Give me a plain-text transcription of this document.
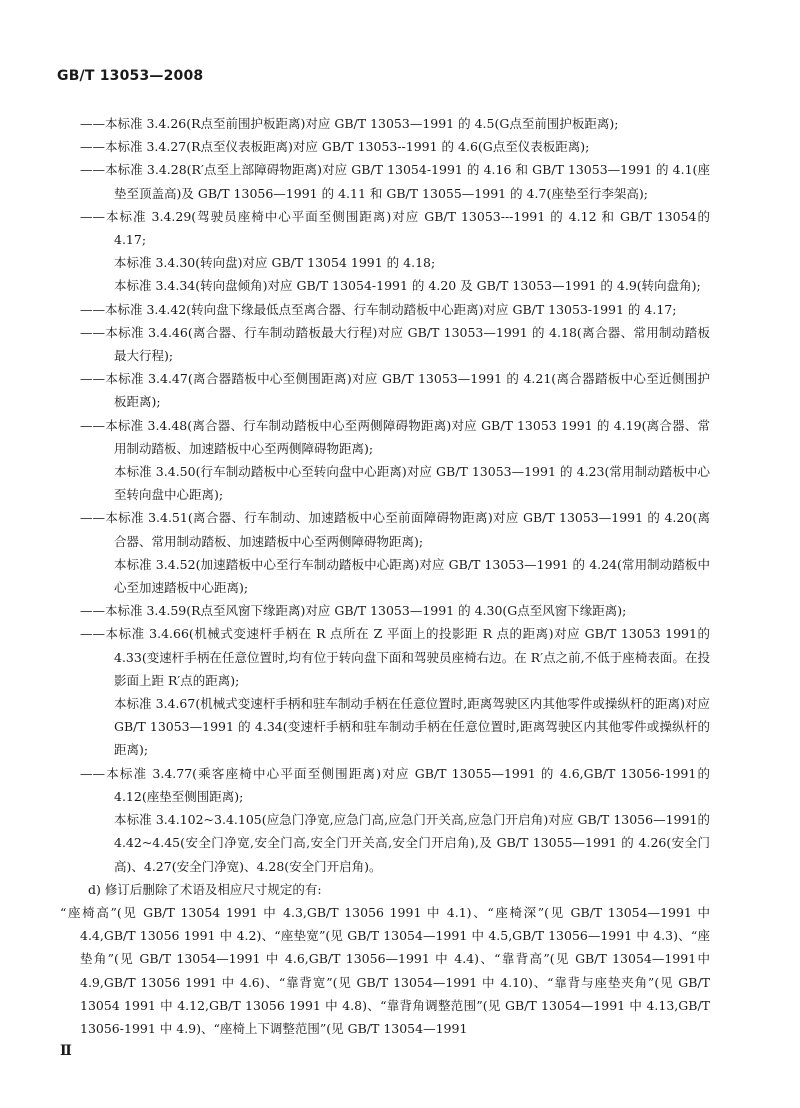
GB/T 13053—2008

——本标准 3.4.26(R点至前围护板距离)对应 GB/T 13053—1991 的 4.5(G点至前围护板距离);

——本标准 3.4.27(R点至仪表板距离)对应 GB/T 13053--1991 的 4.6(G点至仪表板距离);

——本标准 3.4.28(R′点至上部障碍物距离)对应 GB/T 13054-1991 的 4.16 和 GB/T 13053—1991 的 4.1(座垫至顶盖高)及 GB/T 13056—1991 的 4.11 和 GB/T 13055—1991 的 4.7(座垫至行李架高);

——本标准 3.4.29(驾驶员座椅中心平面至侧围距离)对应 GB/T 13053---1991 的 4.12 和 GB/T 13054的 4.17;

本标准 3.4.30(转向盘)对应 GB/T 13054 1991 的 4.18;

本标准 3.4.34(转向盘倾角)对应 GB/T 13054-1991 的 4.20 及 GB/T 13053—1991 的 4.9(转向盘角);

——本标准 3.4.42(转向盘下缘最低点至离合器、行车制动踏板中心距离)对应 GB/T 13053-1991 的 4.17;

——本标准 3.4.46(离合器、行车制动踏板最大行程)对应 GB/T 13053—1991 的 4.18(离合器、常用制动踏板最大行程);

——本标准 3.4.47(离合器踏板中心至侧围距离)对应 GB/T 13053—1991 的 4.21(离合器踏板中心至近侧围护板距离);

——本标准 3.4.48(离合器、行车制动踏板中心至两侧障碍物距离)对应 GB/T 13053 1991 的 4.19(离合器、常用制动踏板、加速踏板中心至两侧障碍物距离);

本标准 3.4.50(行车制动踏板中心至转向盘中心距离)对应 GB/T 13053—1991 的 4.23(常用制动踏板中心至转向盘中心距离);

——本标准 3.4.51(离合器、行车制动、加速踏板中心至前面障碍物距离)对应 GB/T 13053—1991 的 4.20(离合器、常用制动踏板、加速踏板中心至两侧障碍物距离);

本标准 3.4.52(加速踏板中心至行车制动踏板中心距离)对应 GB/T 13053—1991 的 4.24(常用制动踏板中心至加速踏板中心距离);

——本标准 3.4.59(R点至风窗下缘距离)对应 GB/T 13053—1991 的 4.30(G点至风窗下缘距离);

——本标准 3.4.66(机械式变速杆手柄在 R 点所在 Z 平面上的投影距 R 点的距离)对应 GB/T 13053 1991的 4.33(变速杆手柄在任意位置时,均有位于转向盘下面和驾驶员座椅右边。在 R′点之前,不低于座椅表面。在投影面上距 R′点的距离);

本标准 3.4.67(机械式变速杆手柄和驻车制动手柄在任意位置时,距离驾驶区内其他零件或操纵杆的距离)对应 GB/T 13053—1991 的 4.34(变速杆手柄和驻车制动手柄在任意位置时,距离驾驶区内其他零件或操纵杆的距离);

——本标准 3.4.77(乘客座椅中心平面至侧围距离)对应 GB/T 13055—1991 的 4.6,GB/T 13056-1991的 4.12(座垫至侧围距离);

本标准 3.4.102~3.4.105(应急门净宽,应急门高,应急门开关高,应急门开启角)对应 GB/T 13056—1991的 4.42~4.45(安全门净宽,安全门高,安全门开关高,安全门开启角),及 GB/T 13055—1991 的 4.26(安全门高)、4.27(安全门净宽)、4.28(安全门开启角)。

d) 修订后删除了术语及相应尺寸规定的有:

“座椅高”(见 GB/T 13054 1991 中 4.3,GB/T 13056 1991 中 4.1)、“座椅深”(见 GB/T 13054—1991 中 4.4,GB/T 13056 1991 中 4.2)、“座垫宽”(见 GB/T 13054—1991 中 4.5,GB/T 13056—1991 中 4.3)、“座垫角”(见 GB/T 13054—1991 中 4.6,GB/T 13056—1991 中 4.4)、“靠背高”(见 GB/T 13054—1991中 4.9,GB/T 13056 1991 中 4.6)、“靠背宽”(见 GB/T 13054—1991 中 4.10)、“靠背与座垫夹角”(见 GB/T 13054 1991 中 4.12,GB/T 13056 1991 中 4.8)、“靠背角调整范围”(见 GB/T 13054—1991 中 4.13,GB/T 13056-1991 中 4.9)、“座椅上下调整范围”(见 GB/T 13054—1991

Ⅱ
